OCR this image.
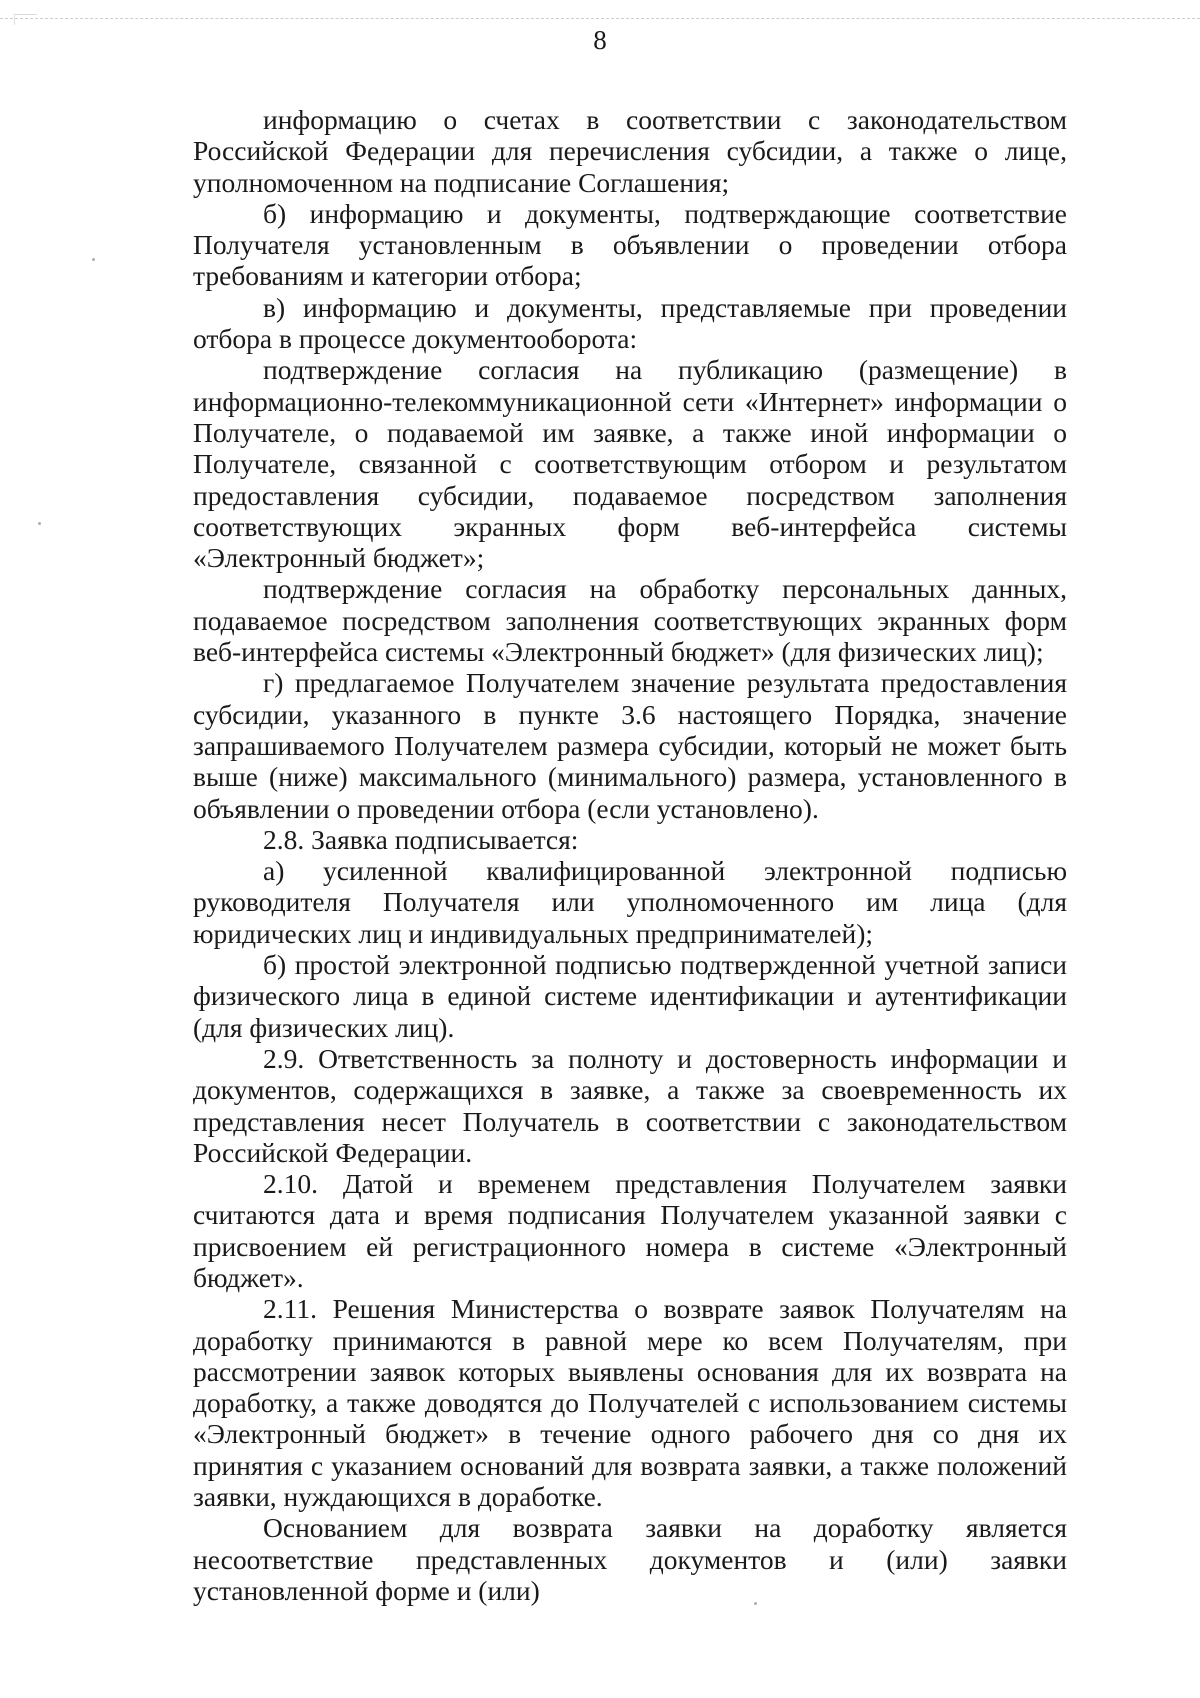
8

информацию о счетах в соответствии с законодательством Российской Федерации для перечисления субсидии, а также о лице, уполномоченном на подписание Соглашения;

б) информацию и документы, подтверждающие соответствие Получателя установленным в объявлении о проведении отбора требованиям и категории отбора;

в) информацию и документы, представляемые при проведении отбора в процессе документооборота:

подтверждение согласия на публикацию (размещение) в информационно-телекоммуникационной сети «Интернет» информации о Получателе, о подаваемой им заявке, а также иной информации о Получателе, связанной с соответствующим отбором и результатом предоставления субсидии, подаваемое посредством заполнения соответствующих экранных форм веб-интерфейса системы «Электронный бюджет»;

подтверждение согласия на обработку персональных данных, подаваемое посредством заполнения соответствующих экранных форм веб-интерфейса системы «Электронный бюджет» (для физических лиц);

г) предлагаемое Получателем значение результата предоставления субсидии, указанного в пункте 3.6 настоящего Порядка, значение запрашиваемого Получателем размера субсидии, который не может быть выше (ниже) максимального (минимального) размера, установленного в объявлении о проведении отбора (если установлено).

2.8. Заявка подписывается:

а) усиленной квалифицированной электронной подписью руководителя Получателя или уполномоченного им лица (для юридических лиц и индивидуальных предпринимателей);

б) простой электронной подписью подтвержденной учетной записи физического лица в единой системе идентификации и аутентификации (для физических лиц).

2.9. Ответственность за полноту и достоверность информации и документов, содержащихся в заявке, а также за своевременность их представления несет Получатель в соответствии с законодательством Российской Федерации.

2.10. Датой и временем представления Получателем заявки считаются дата и время подписания Получателем указанной заявки с присвоением ей регистрационного номера в системе «Электронный бюджет».

2.11. Решения Министерства о возврате заявок Получателям на доработку принимаются в равной мере ко всем Получателям, при рассмотрении заявок которых выявлены основания для их возврата на доработку, а также доводятся до Получателей с использованием системы «Электронный бюджет» в течение одного рабочего дня со дня их принятия с указанием оснований для возврата заявки, а также положений заявки, нуждающихся в доработке.

Основанием для возврата заявки на доработку является несоответствие представленных документов и (или) заявки установленной форме и (или)
